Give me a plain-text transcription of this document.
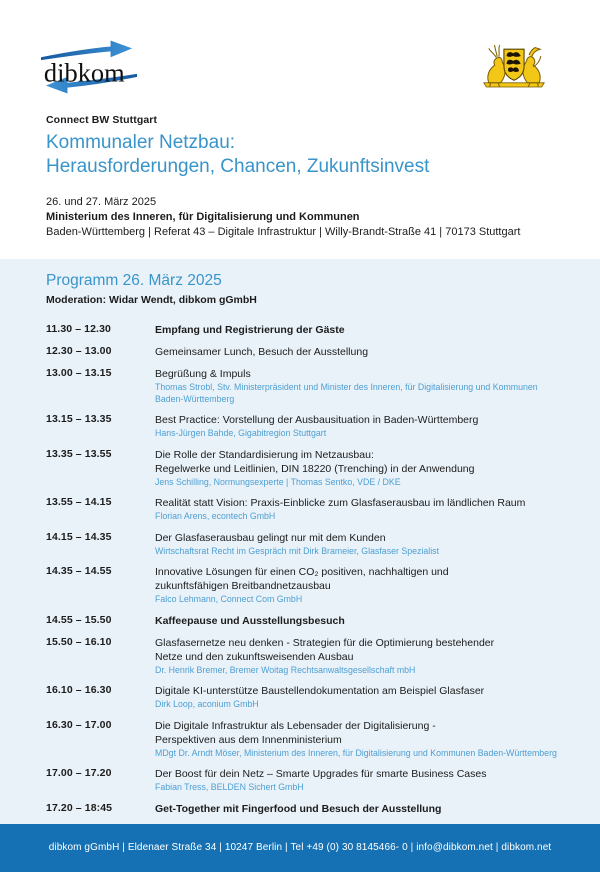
dibkom
Connect BW Stuttgart
Kommunaler Netzbau:
Herausforderungen, Chancen, Zukunftsinvest
26. und 27. März 2025
Ministerium des Inneren, für Digitalisierung und Kommunen
Baden-Württemberg | Referat 43 – Digitale Infrastruktur | Willy-Brandt-Straße 41 | 70173 Stuttgart
Programm 26. März 2025
Moderation: Widar Wendt, dibkom gGmbH
11.30 – 12.30	Empfang und Registrierung der Gäste
12.30 – 13.00	Gemeinsamer Lunch, Besuch der Ausstellung
13.00 – 13.15	Begrüßung & Impuls
Thomas Strobl, Stv. Ministerpräsident und Minister des Inneren, für Digitalisierung und Kommunen Baden-Württemberg
13.15 – 13.35	Best Practice: Vorstellung der Ausbausituation in Baden-Württemberg
Hans-Jürgen Bahde, Gigabitregion Stuttgart
13.35 – 13.55	Die Rolle der Standardisierung im Netzausbau:
Regelwerke und Leitlinien, DIN 18220 (Trenching) in der Anwendung
Jens Schilling, Normungsexperte | Thomas Sentko, VDE / DKE
13.55 – 14.15	Realität statt Vision: Praxis-Einblicke zum Glasfaserausbau im ländlichen Raum
Florian Arens, econtech GmbH
14.15 – 14.35	Der Glasfaserausbau gelingt nur mit dem Kunden
Wirtschaftsrat Recht im Gespräch mit Dirk Brameier, Glasfaser Spezialist
14.35 – 14.55	Innovative Lösungen für einen CO₂ positiven, nachhaltigen und
zukunftsfähigen Breitbandnetzausbau
Falco Lehmann, Connect Com GmbH
14.55 – 15.50	Kaffeepause und Ausstellungsbesuch
15.50 – 16.10	Glasfasernetze neu denken - Strategien für die Optimierung bestehender
Netze und den zukunftsweisenden Ausbau
Dr. Henrik Bremer, Bremer Woitag Rechtsanwaltsgesellschaft mbH
16.10 – 16.30	Digitale KI-unterstütze Baustellendokumentation am Beispiel Glasfaser
Dirk Loop, aconium GmbH
16.30 – 17.00	Die Digitale Infrastruktur als Lebensader der Digitalisierung -
Perspektiven aus dem Innenministerium
MDgt Dr. Arndt Möser, Ministerium des Inneren, für Digitalisierung und Kommunen Baden-Württemberg
17.00 – 17.20	Der Boost für dein Netz – Smarte Upgrades für smarte Business Cases
Fabian Tress, BELDEN Sichert GmbH
17.20 – 18:45	Get-Together mit Fingerfood und Besuch der Ausstellung
dibkom gGmbH | Eldenaer Straße 34 | 10247 Berlin | Tel +49 (0) 30 8145466- 0 | info@dibkom.net | dibkom.net
